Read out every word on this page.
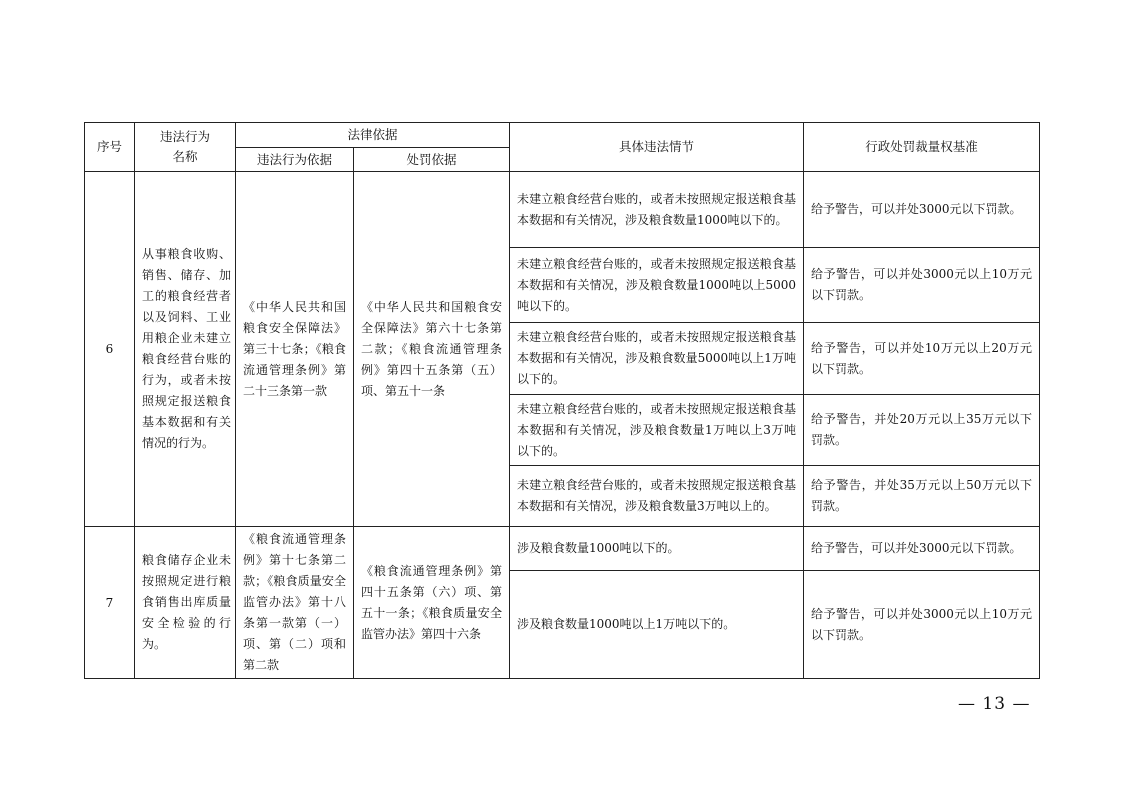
序号	违法行为
名称	法律依据		具体违法情节	行政处罚裁量权基准
		违法行为依据	处罚依据		
6	从事粮食收购、销售、储存、加工的粮食经营者以及饲料、工业用粮企业未建立粮食经营台账的行为，或者未按照规定报送粮食基本数据和有关情况的行为。	《中华人民共和国粮食安全保障法》第三十七条；《粮食流通管理条例》第二十三条第一款	《中华人民共和国粮食安全保障法》第六十七条第二款；《粮食流通管理条例》第四十五条第（五）项、第五十一条	未建立粮食经营台账的，或者未按照规定报送粮食基本数据和有关情况，涉及粮食数量1000吨以下的。	给予警告，可以并处3000元以下罚款。
				未建立粮食经营台账的，或者未按照规定报送粮食基本数据和有关情况，涉及粮食数量1000吨以上5000吨以下的。	给予警告，可以并处3000元以上10万元以下罚款。
				未建立粮食经营台账的，或者未按照规定报送粮食基本数据和有关情况，涉及粮食数量5000吨以上1万吨以下的。	给予警告，可以并处10万元以上20万元以下罚款。
				未建立粮食经营台账的，或者未按照规定报送粮食基本数据和有关情况，涉及粮食数量1万吨以上3万吨以下的。	给予警告，并处20万元以上35万元以下罚款。
				未建立粮食经营台账的，或者未按照规定报送粮食基本数据和有关情况，涉及粮食数量3万吨以上的。	给予警告，并处35万元以上50万元以下罚款。
7	粮食储存企业未按照规定进行粮食销售出库质量安全检验的行为。	《粮食流通管理条例》第十七条第二款；《粮食质量安全监管办法》第十八条第一款第（一）项、第（二）项和第二款	《粮食流通管理条例》第四十五条第（六）项、第五十一条；《粮食质量安全监管办法》第四十六条	涉及粮食数量1000吨以下的。	给予警告，可以并处3000元以下罚款。
				涉及粮食数量1000吨以上1万吨以下的。	给予警告，可以并处3000元以上10万元以下罚款。
— 13 —
